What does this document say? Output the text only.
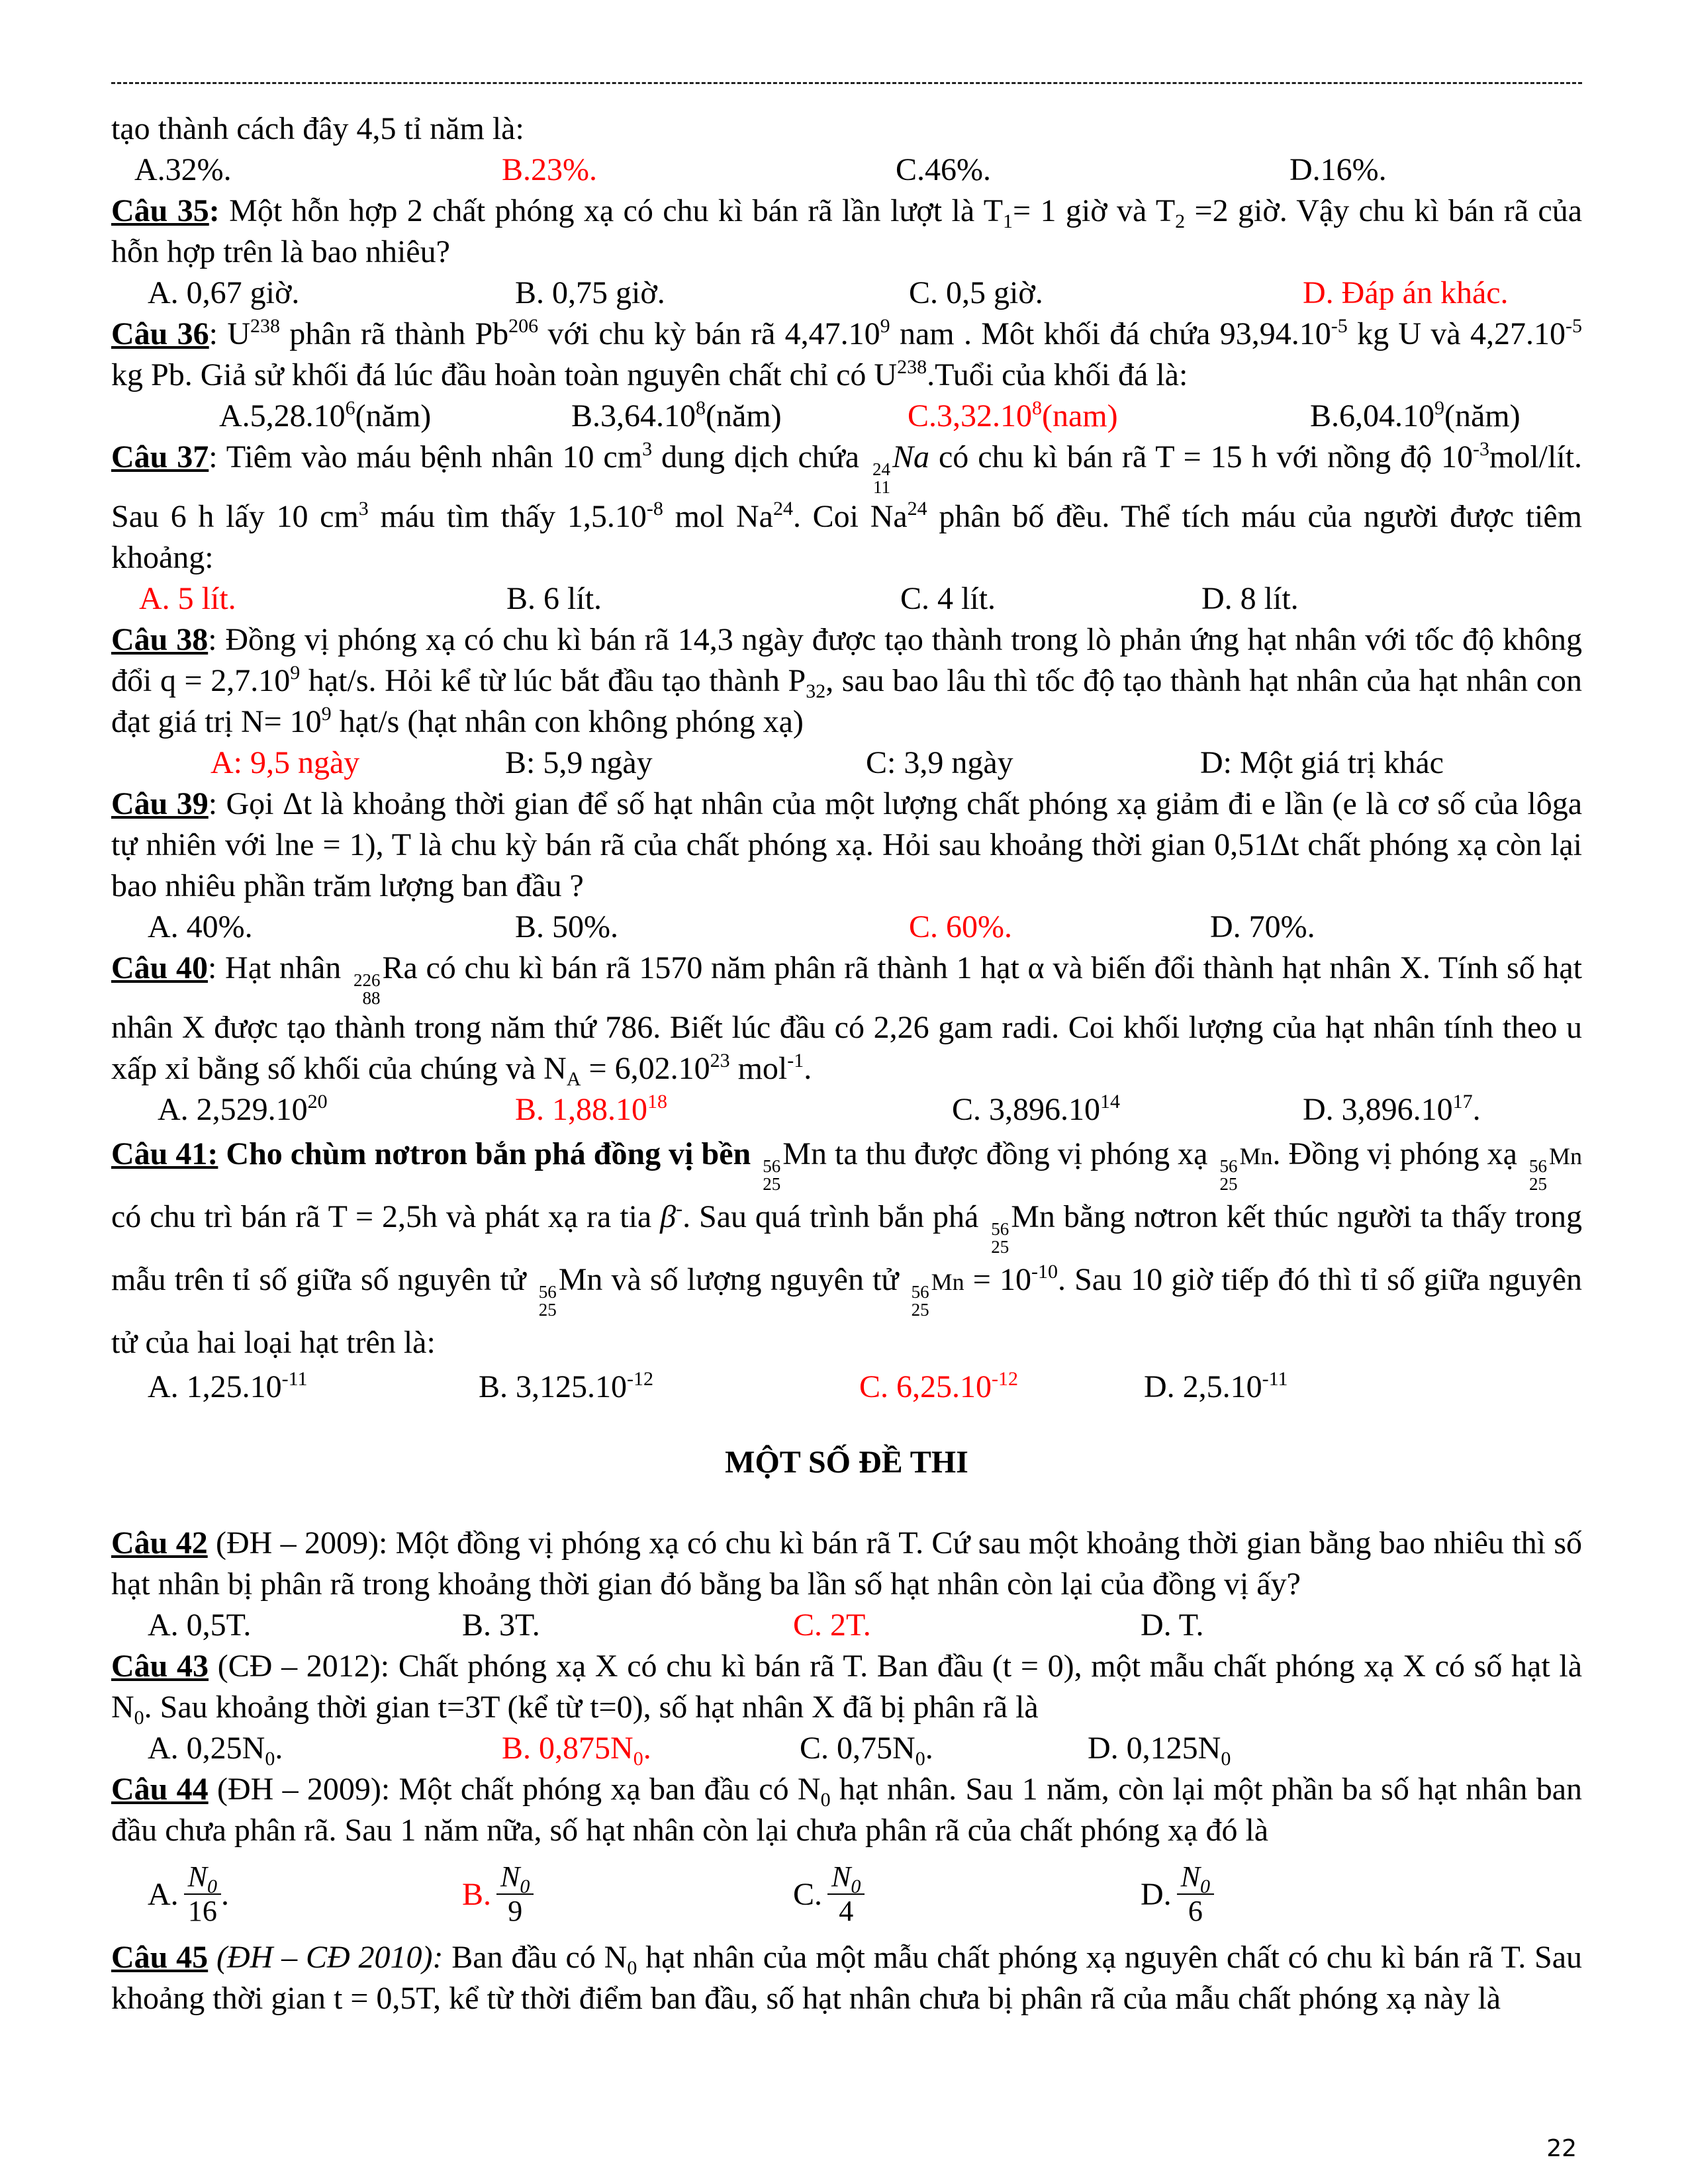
tạo thành cách đây 4,5 tỉ năm là:

A.32%.	B.23%.	C.46%.	D.16%.

Câu 35: Một hỗn hợp 2 chất phóng xạ có chu kì bán rã lần lượt là $T_1= 1$ giờ và $T_2 =2$ giờ. Vậy chu kì bán rã của hỗn hợp trên là bao nhiêu?

A. 0,67 giờ.	B. 0,75 giờ.	C. 0,5 giờ.	D. Đáp án khác.

Câu 36: $U^{238}$ phân rã thành Pb$^{206}$ với chu kỳ bán rã 4,47.10$^9$ nam . Môt khối đá chứa $93,94.10^{-5}$ kg U và $4,27.10^{-5}$ kg Pb. Giả sử khối đá lúc đầu hoàn toàn nguyên chất chỉ có $U^{238}.Tuổi$ của khối đá là:

A.5,28.10$^6$(năm)	B.3,64.10$^8$(năm)	C.3,32.10$^8$(nam)	B.6,04.10$^9$(năm)

Câu 37: Tiêm vào máu bệnh nhân 10 $cm^3$ dung dịch chứa 24
11
Na có chu kì bán rã T = 15 h với nồng độ $10^{-3}mol$/lít. Sau 6 h lấy 10 $cm^3$ máu tìm thấy $1,5.10^{-8}$ mol Na$^{24}$. Coi Na$^{24}$ phân bố đều. Thể tích máu của người được tiêm khoảng:

A. 5 lít.	B. 6 lít.	C. 4 lít.	D. 8 lít.

Câu 38: Đồng vị phóng xạ có chu kì bán rã 14,3 ngày được tạo thành trong lò phản ứng hạt nhân với tốc độ không đổi $q = 2,7.10^9$ hạt/s. Hỏi kể từ lúc bắt đầu tạo thành $P_{32}$, sau bao lâu thì tốc độ tạo thành hạt nhân của hạt nhân con đạt giá trị $N= 10^9$ hạt/s (hạt nhân con không phóng xạ)

A: 9,5 ngày	B: 5,9 ngày	C: 3,9 ngày	D: Một giá trị khác

Câu 39: Gọi Δt là khoảng thời gian để số hạt nhân của một lượng chất phóng xạ giảm đi e lần (e là cơ số của lôga tự nhiên với lne = 1), T là chu kỳ bán rã của chất phóng xạ. Hỏi sau khoảng thời gian 0,51Δt chất phóng xạ còn lại bao nhiêu phần trăm lượng ban đầu ?

A. 40%.	B. 50%.	C. 60%.	D. 70%.

Câu 40: Hạt nhân 226
88
Ra có chu kì bán rã 1570 năm phân rã thành 1 hạt α và biến đổi thành hạt nhân X. Tính số hạt nhân X được tạo thành trong năm thứ 786. Biết lúc đầu có 2,26 gam radi. Coi khối lượng của hạt nhân tính theo u xấp xỉ bằng số khối của chúng và $N_A = 6,02.10^{23}$ mol$^{-1}$.

A. 2,529.10$^{20}$	B. 1,88.10$^{18}$	C. 3,896.10$^{14}$	D. 3,896.10$^{17}$.

Câu 41: Cho chùm nơtron bắn phá đồng vị bền 56
25
Mn ta thu được đồng vị phóng xạ 56
25
Mn. Đồng vị phóng xạ 56
25
Mn có chu trì bán rã T = 2,5h và phát xạ ra tia β-. Sau quá trình bắn phá 56
25
Mn bằng nơtron kết thúc người ta thấy trong mẫu trên tỉ số giữa số nguyên tử 56
25
Mn và số lượng nguyên tử 56
25
$Mn = 10^{-10}$. Sau 10 giờ tiếp đó thì tỉ số giữa nguyên tử của hai loại hạt trên là:

A. $1,25.10^{-11}$	B. $3,125.10^{-12}$	C. $6,25.10^{-12}$	D. $2,5.10^{-11}$
MỘT SỐ ĐỀ THI

Câu 42 (ĐH – 2009): Một đồng vị phóng xạ có chu kì bán rã T. Cứ sau một khoảng thời gian bằng bao nhiêu thì số hạt nhân bị phân rã trong khoảng thời gian đó bằng ba lần số hạt nhân còn lại của đồng vị ấy?

A. 0,5T.	B. 3T.	C. 2T.	D. T.

Câu 43 (CĐ – 2012): Chất phóng xạ X có chu kì bán rã T. Ban đầu (t = 0), một mẫu chất phóng xạ X có số hạt là $N_0$. Sau khoảng thời gian t=3T (kể từ t=0), số hạt nhân X đã bị phân rã là

A. $0,25N_0$.	B. $0,875N_0$.	C. $0,75N_0$.	D. $0,125N_0$

Câu 44 (ĐH – 2009): Một chất phóng xạ ban đầu có $N_0$ hạt nhân. Sau 1 năm, còn lại một phần ba số hạt nhân ban đầu chưa phân rã. Sau 1 năm nữa, số hạt nhân còn lại chưa phân rã của chất phóng xạ đó là

A. $\frac{N_0}{16}$ .	B. $\frac{N_0}{9}$	C. $\frac{N_0}{4}$	D. $\frac{N_0}{6}$

Câu 45 (ĐH – CĐ 2010): Ban đầu có $N_0$ hạt nhân của một mẫu chất phóng xạ nguyên chất có chu kì bán rã T. Sau khoảng thời gian t = 0,5T, kể từ thời điểm ban đầu, số hạt nhân chưa bị phân rã của mẫu chất phóng xạ này là

22
